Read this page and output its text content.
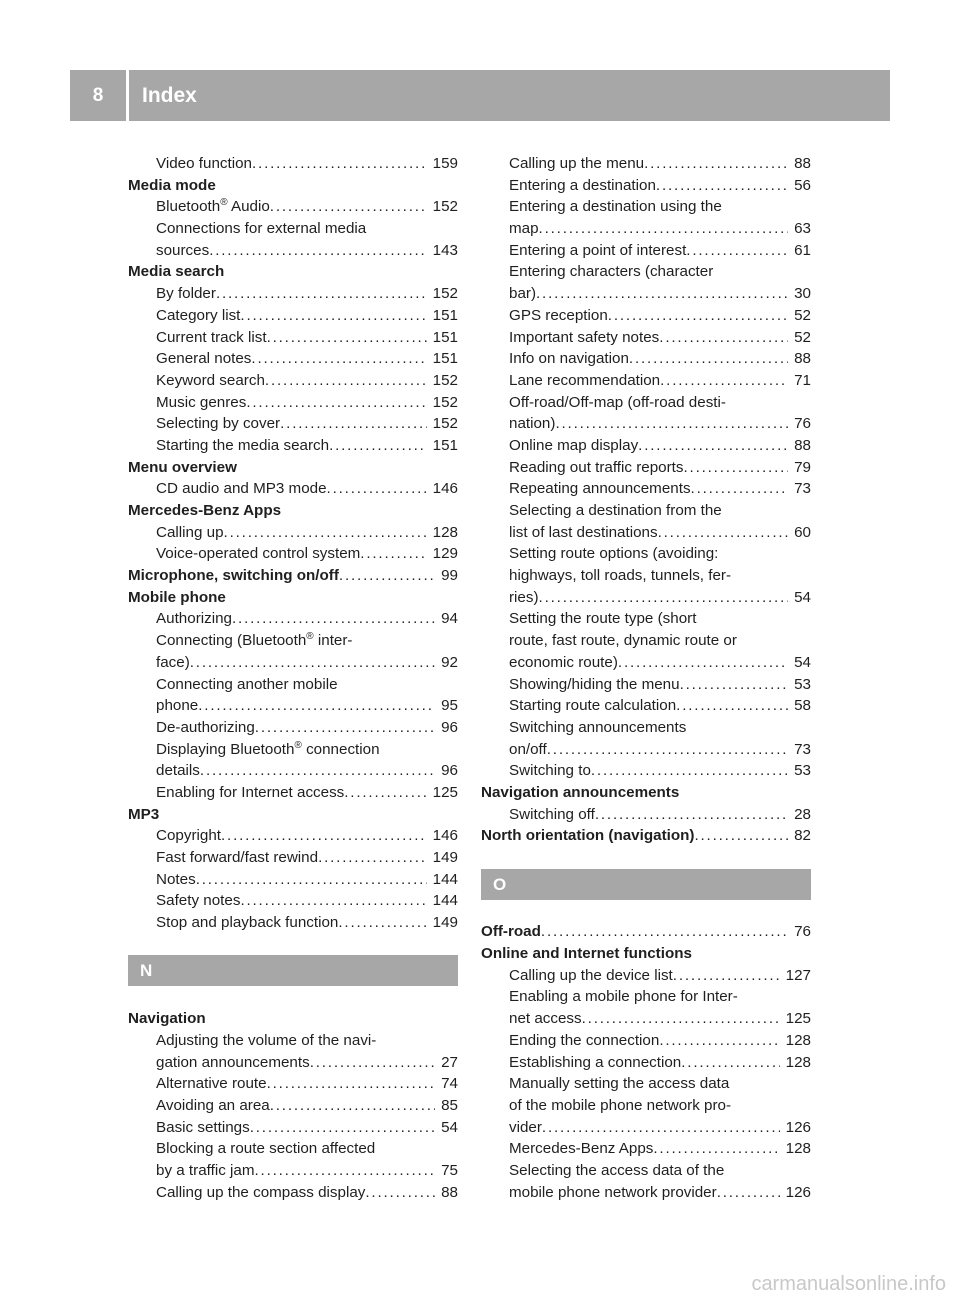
8	Index
Video function . . .	159
Media mode
Bluetooth® Audio . . .	152
Connections for external media
sources . . .	143
Media search
By folder . . .	152
Category list . . .	151
Current track list . . .	151
General notes . . .	151
Keyword search . . .	152
Music genres . . .	152
Selecting by cover . . .	152
Starting the media search . . .	151
Menu overview
CD audio and MP3 mode . . .	146
Mercedes-Benz Apps
Calling up . . .	128
Voice-operated control system . . .	129
Microphone, switching on/off . . .	99
Mobile phone
Authorizing . . .	94
Connecting (Bluetooth® inter-
face) . . .	92
Connecting another mobile
phone . . .	95
De-authorizing . . .	96
Displaying Bluetooth® connection
details . . .	96
Enabling for Internet access . . .	125
MP3
Copyright . . .	146
Fast forward/fast rewind . . .	149
Notes . . .	144
Safety notes . . .	144
Stop and playback function . . .	149
N
Navigation
Adjusting the volume of the navi-
gation announcements . . .	27
Alternative route . . .	74
Avoiding an area . . .	85
Basic settings . . .	54
Blocking a route section affected
by a traffic jam . . .	75
Calling up the compass display . . .	88
Calling up the menu . . .	88
Entering a destination . . .	56
Entering a destination using the
map . . .	63
Entering a point of interest . . .	61
Entering characters (character
bar) . . .	30
GPS reception . . .	52
Important safety notes . . .	52
Info on navigation . . .	88
Lane recommendation . . .	71
Off-road/Off-map (off-road desti-
nation) . . .	76
Online map display . . .	88
Reading out traffic reports . . .	79
Repeating announcements . . .	73
Selecting a destination from the
list of last destinations . . .	60
Setting route options (avoiding:
highways, toll roads, tunnels, fer-
ries) . . .	54
Setting the route type (short
route, fast route, dynamic route or
economic route) . . .	54
Showing/hiding the menu . . .	53
Starting route calculation . . .	58
Switching announcements
on/off . . .	73
Switching to . . .	53
Navigation announcements
Switching off . . .	28
North orientation (navigation) . . .	82
O
Off-road . . .	76
Online and Internet functions
Calling up the device list . . .	127
Enabling a mobile phone for Inter-
net access . . .	125
Ending the connection . . .	128
Establishing a connection . . .	128
Manually setting the access data
of the mobile phone network pro-
vider . . .	126
Mercedes-Benz Apps . . .	128
Selecting the access data of the
mobile phone network provider . . .	126
carmanualsonline.info
